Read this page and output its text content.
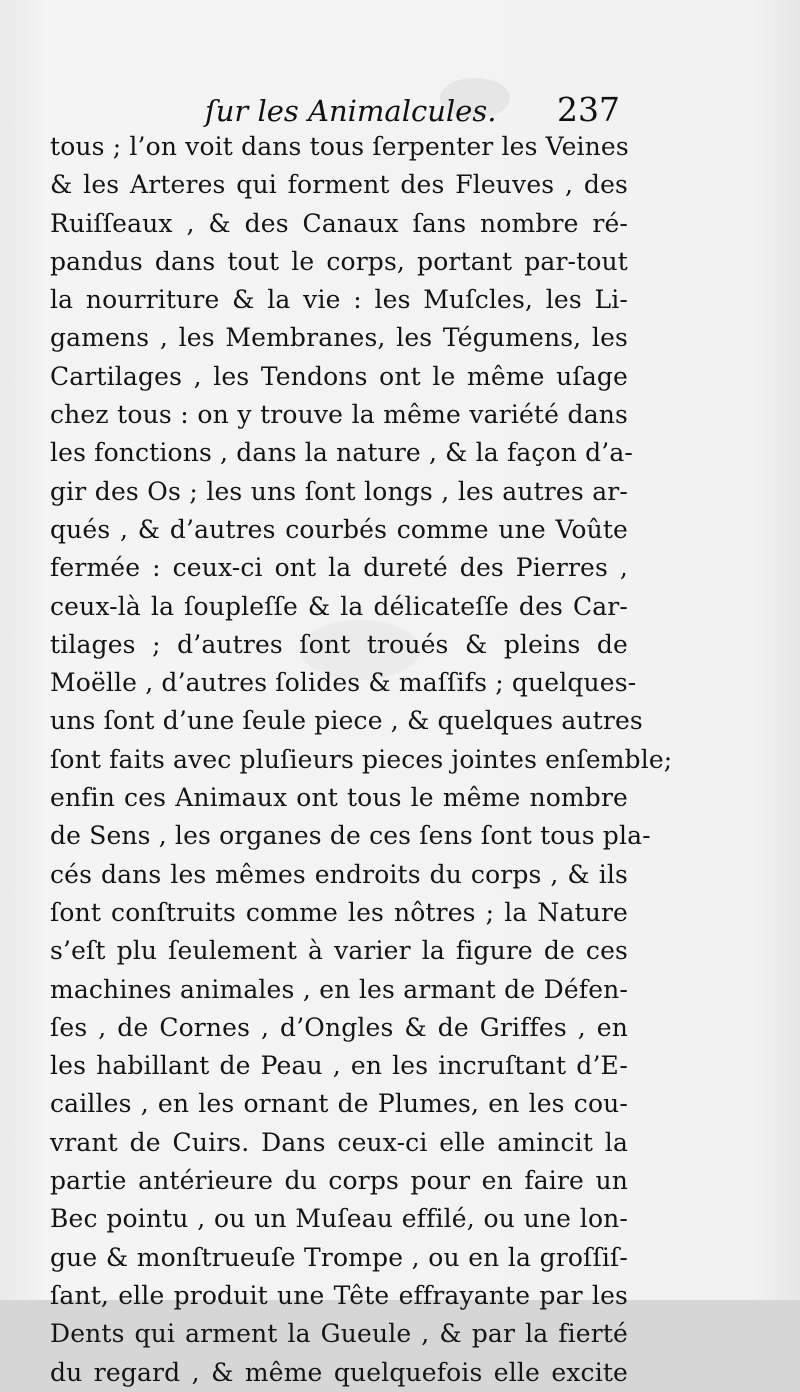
ſur les Animalcules. 237
tous ; l’on voit dans tous ſerpenter les Veines
& les Arteres qui forment des Fleuves , des
Ruiſſeaux , & des Canaux ſans nombre ré-
pandus dans tout le corps, portant par-tout
la nourriture & la vie : les Muſcles, les Li-
gamens , les Membranes, les Tégumens, les
Cartilages , les Tendons ont le même uſage
chez tous : on y trouve la même variété dans
les fonctions , dans la nature , & la façon d’a-
gir des Os ; les uns ſont longs , les autres ar-
qués , & d’autres courbés comme une Voûte
fermée : ceux-ci ont la dureté des Pierres ,
ceux-là la ſoupleſſe & la délicateſſe des Car-
tilages ; d’autres ſont troués & pleins de
Moëlle , d’autres ſolides & maſſifs ; quelques-
uns ſont d’une ſeule piece , & quelques autres
ſont faits avec pluſieurs pieces jointes enſemble;
enfin ces Animaux ont tous le même nombre
de Sens , les organes de ces ſens ſont tous pla-
cés dans les mêmes endroits du corps , & ils
ſont conſtruits comme les nôtres ; la Nature
s’eſt plu ſeulement à varier la figure de ces
machines animales , en les armant de Défen-
ſes , de Cornes , d’Ongles & de Griffes , en
les habillant de Peau , en les incruſtant d’E-
cailles , en les ornant de Plumes, en les cou-
vrant de Cuirs. Dans ceux-ci elle amincit la
partie antérieure du corps pour en faire un
Bec pointu , ou un Muſeau effilé, ou une lon-
gue & monſtrueuſe Trompe , ou en la groſſiſ-
ſant, elle produit une Tête effrayante par les
Dents qui arment la Gueule , & par la fierté
du regard , & même quelquefois elle excite
